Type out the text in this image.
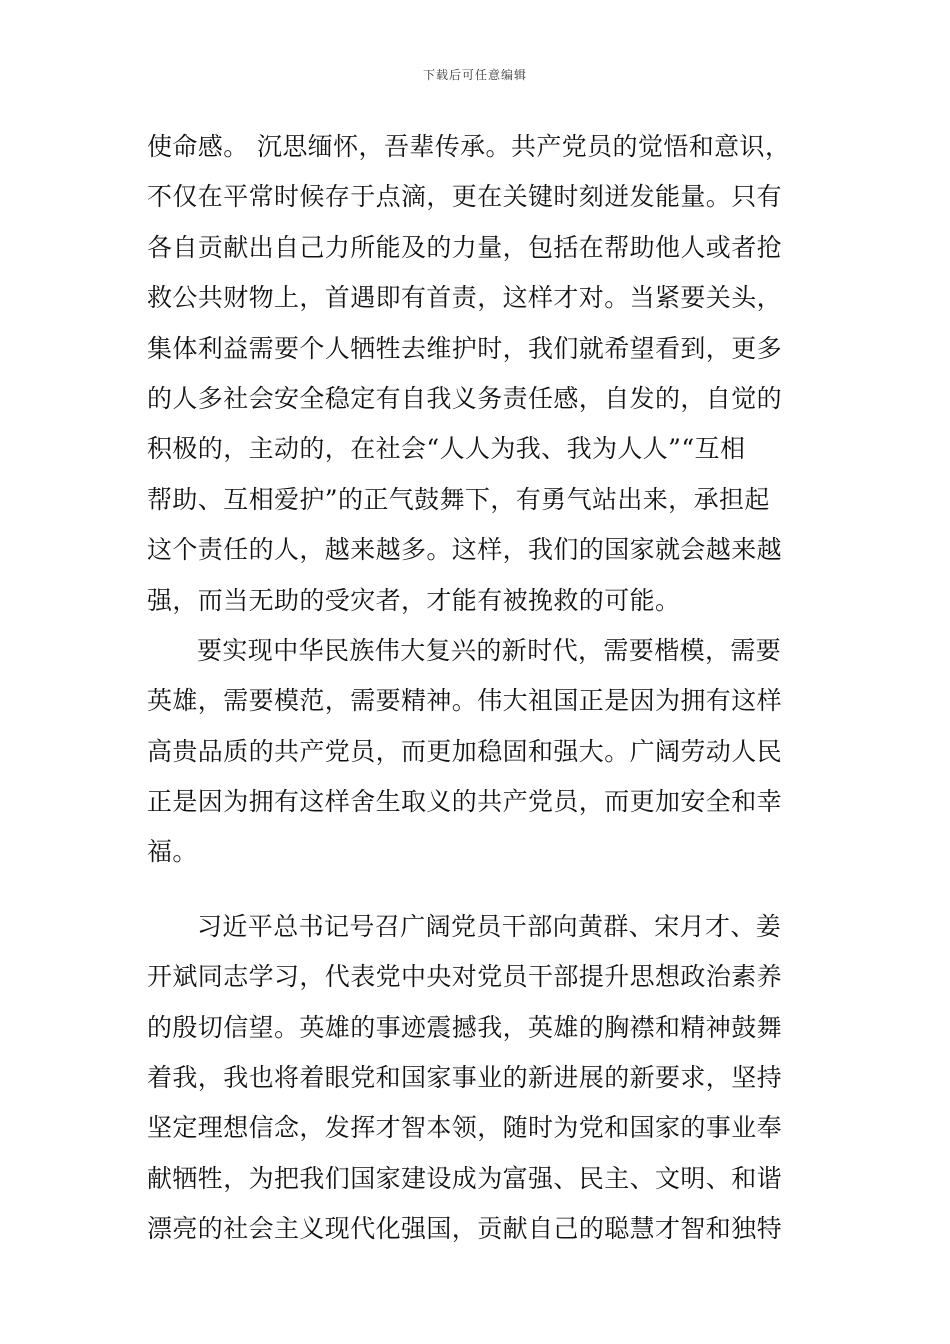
下载后可任意编辑
使命感。 沉思缅怀，吾辈传承。共产党员的觉悟和意识，
不仅在平常时候存于点滴，更在关键时刻迸发能量。只有
各自贡献出自己力所能及的力量，包括在帮助他人或者抢
救公共财物上，首遇即有首责，这样才对。当紧要关头，
集体利益需要个人牺牲去维护时，我们就希望看到，更多
的人多社会安全稳定有自我义务责任感，自发的，自觉的
积极的，主动的，在社会“人人为我、我为人人”“互相
帮助、互相爱护”的正气鼓舞下，有勇气站出来，承担起
这个责任的人，越来越多。这样，我们的国家就会越来越
强，而当无助的受灾者，才能有被挽救的可能。
要实现中华民族伟大复兴的新时代，需要楷模，需要
英雄，需要模范，需要精神。伟大祖国正是因为拥有这样
高贵品质的共产党员，而更加稳固和强大。广阔劳动人民
正是因为拥有这样舍生取义的共产党员，而更加安全和幸
福。
习近平总书记号召广阔党员干部向黄群、宋月才、姜
开斌同志学习，代表党中央对党员干部提升思想政治素养
的殷切信望。英雄的事迹震撼我，英雄的胸襟和精神鼓舞
着我，我也将着眼党和国家事业的新进展的新要求，坚持
坚定理想信念，发挥才智本领，随时为党和国家的事业奉
献牺牲，为把我们国家建设成为富强、民主、文明、和谐
漂亮的社会主义现代化强国，贡献自己的聪慧才智和独特
